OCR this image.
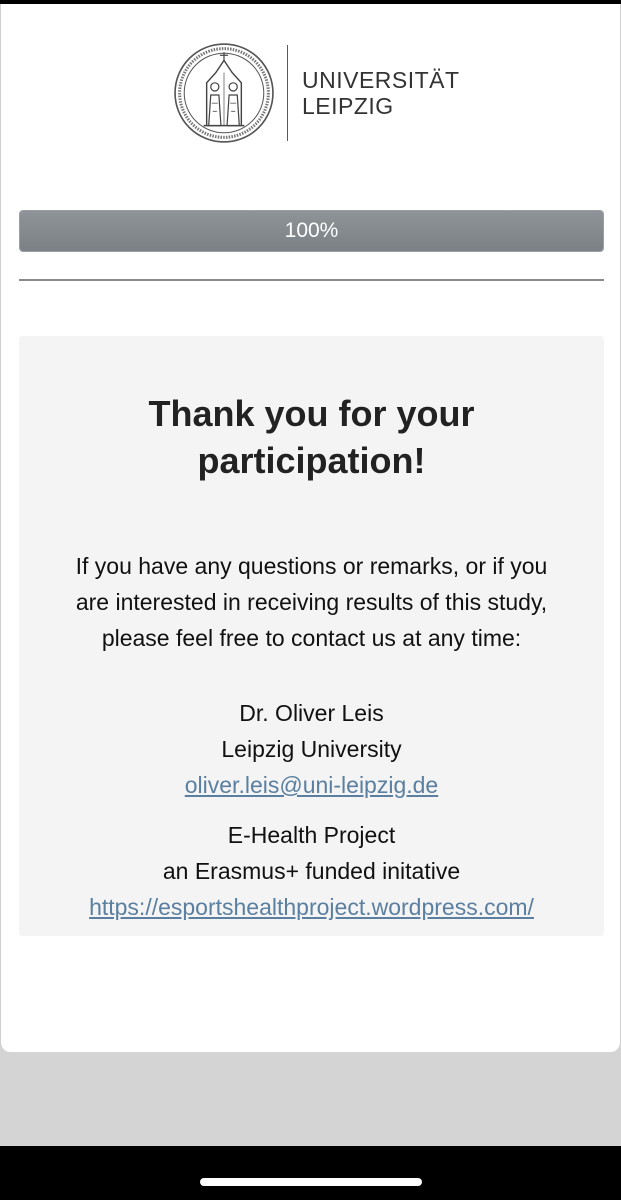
UNIVERSITÄT
LEIPZIG
100%
Thank you for your
participation!
If you have any questions or remarks, or if you
are interested in receiving results of this study,
please feel free to contact us at any time:
Dr. Oliver Leis
Leipzig University
oliver.leis@uni-leipzig.de
E-Health Project
an Erasmus+ funded initative
https://esportshealthproject.wordpress.com/
